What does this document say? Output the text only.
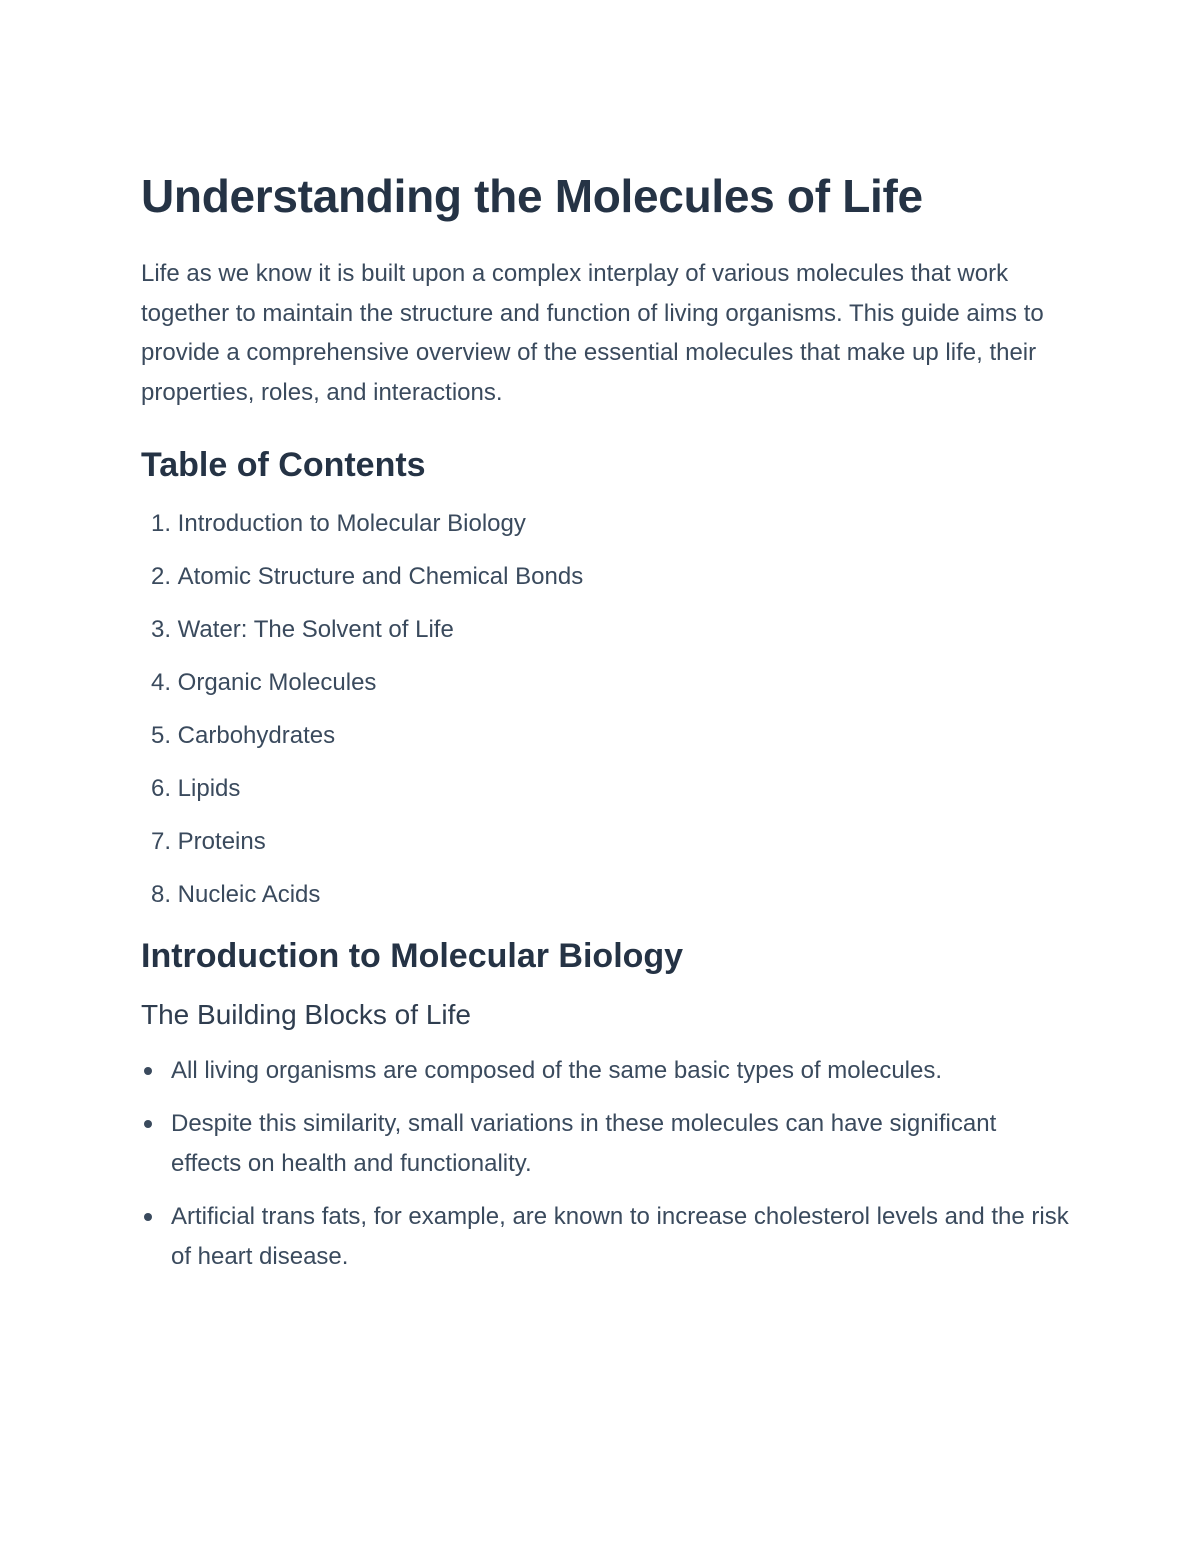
Understanding the Molecules of Life

Life as we know it is built upon a complex interplay of various molecules that work together to maintain the structure and function of living organisms. This guide aims to provide a comprehensive overview of the essential molecules that make up life, their properties, roles, and interactions.

Table of Contents
1.
Introduction to Molecular Biology
2.
Atomic Structure and Chemical Bonds
3.
Water: The Solvent of Life
4.
Organic Molecules
5.
Carbohydrates
6.
Lipids
7.
Proteins
8.
Nucleic Acids
Introduction to Molecular Biology
The Building Blocks of Life
All living organisms are composed of the same basic types of molecules.
Despite this similarity, small variations in these molecules can have significant effects on health and functionality.
Artificial trans fats, for example, are known to increase cholesterol levels and the risk of heart disease.
